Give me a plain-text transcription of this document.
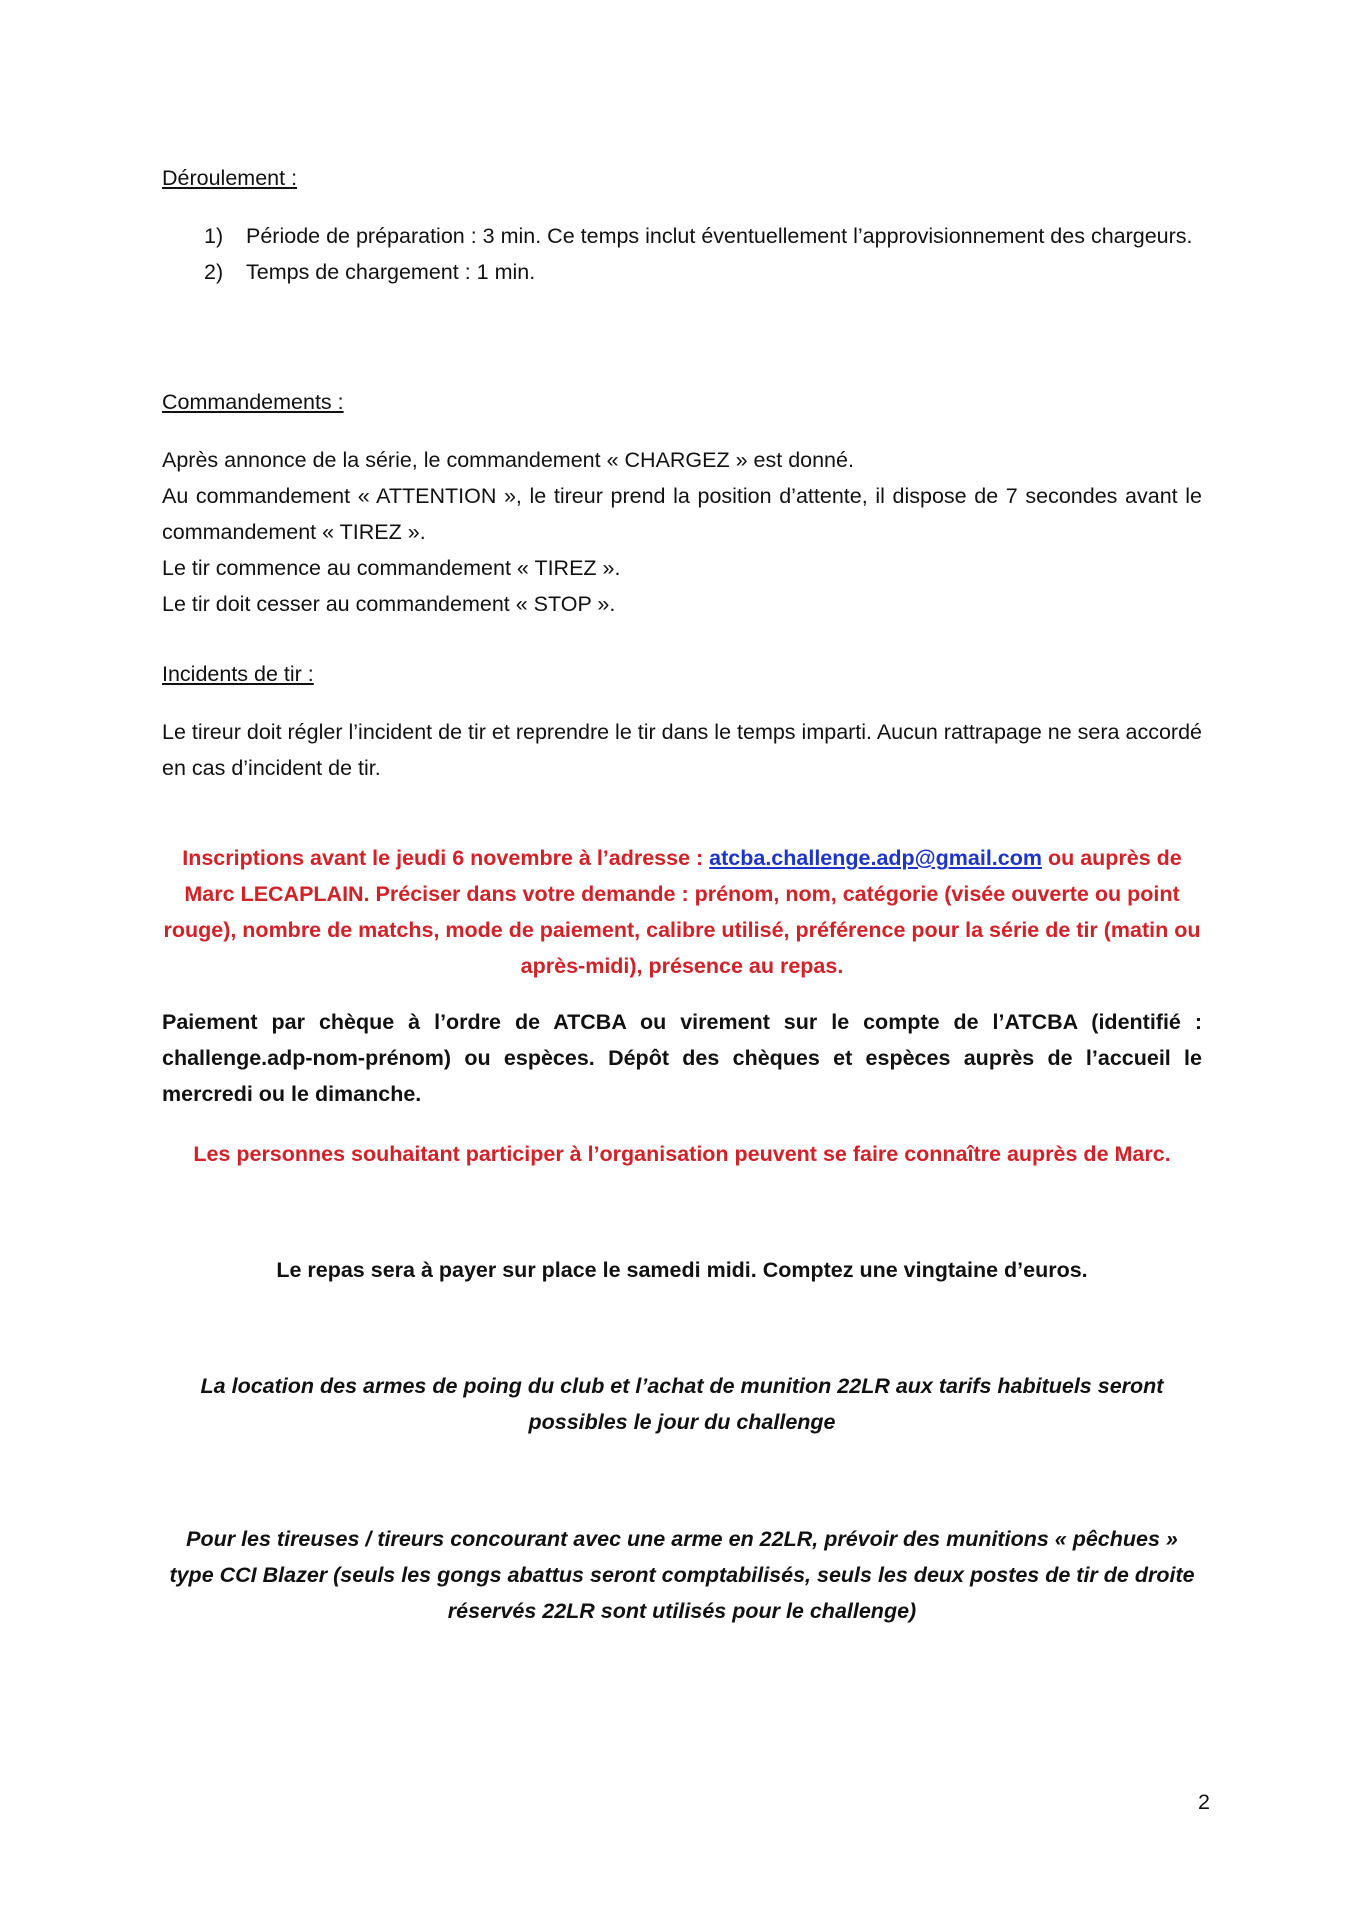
Déroulement :

1)	Période de préparation : 3 min. Ce temps inclut éventuellement l’approvisionnement des chargeurs.
2)	Temps de chargement : 1 min.

Commandements :

Après annonce de la série, le commandement « CHARGEZ » est donné.

Au commandement « ATTENTION », le tireur prend la position d’attente, il dispose de 7 secondes avant le commandement « TIREZ ».

Le tir commence au commandement « TIREZ ».

Le tir doit cesser au commandement « STOP ».

Incidents de tir :

Le tireur doit régler l’incident de tir et reprendre le tir dans le temps imparti. Aucun rattrapage ne sera accordé en cas d’incident de tir.

Inscriptions avant le jeudi 6 novembre à l’adresse : atcba.challenge.adp@gmail.com ou auprès de Marc LECAPLAIN. Préciser dans votre demande : prénom, nom, catégorie (visée ouverte ou point rouge), nombre de matchs, mode de paiement, calibre utilisé, préférence pour la série de tir (matin ou après-midi), présence au repas.

Paiement par chèque à l’ordre de ATCBA ou virement sur le compte de l’ATCBA (identifié : challenge.adp-nom-prénom) ou espèces. Dépôt des chèques et espèces auprès de l’accueil le mercredi ou le dimanche.

Les personnes souhaitant participer à l’organisation peuvent se faire connaître auprès de Marc.

Le repas sera à payer sur place le samedi midi. Comptez une vingtaine d’euros.

La location des armes de poing du club et l’achat de munition 22LR aux tarifs habituels seront possibles le jour du challenge

Pour les tireuses / tireurs concourant avec une arme en 22LR, prévoir des munitions « pêchues » type CCI Blazer (seuls les gongs abattus seront comptabilisés, seuls les deux postes de tir de droite réservés 22LR sont utilisés pour le challenge)

2
